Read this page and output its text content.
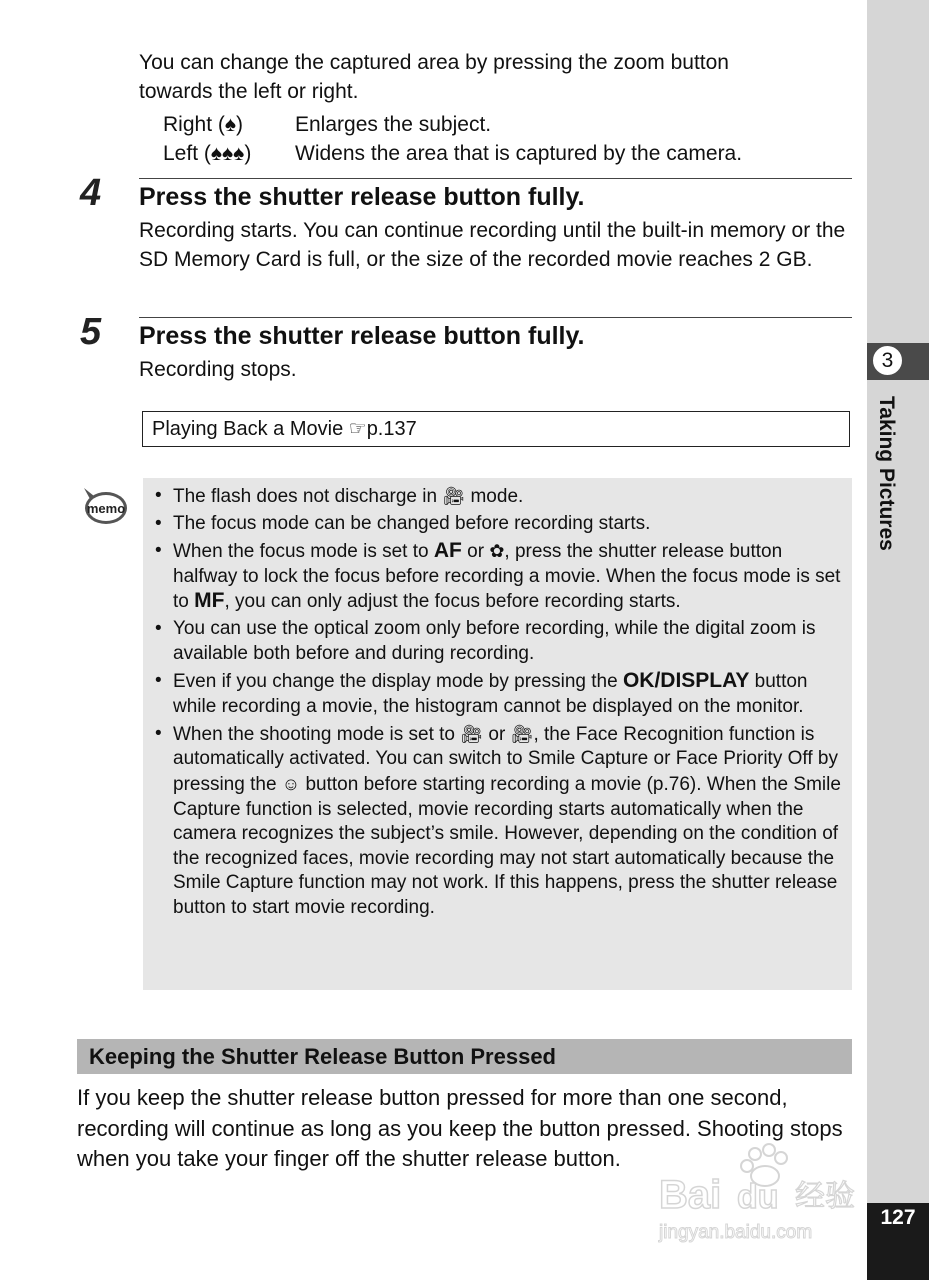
3
Taking Pictures
127
You can change the captured area by pressing the zoom button
towards the left or right.
Right (♠)	Enlarges the subject.
Left (♠♠♠)	Widens the area that is captured by the camera.
4 Press the shutter release button fully.
Recording starts. You can continue recording until the built-in memory or the SD Memory Card is full, or the size of the recorded movie reaches 2 GB.
5 Press the shutter release button fully.
Recording stops.
Playing Back a Movie ☞p.137
memo
• The flash does not discharge in 🎥︎ mode.
• The focus mode can be changed before recording starts.
• When the focus mode is set to AF or ✿, press the shutter release button halfway to lock the focus before recording a movie. When the focus mode is set to MF, you can only adjust the focus before recording starts.
• You can use the optical zoom only before recording, while the digital zoom is available both before and during recording.
• Even if you change the display mode by pressing the OK/DISPLAY button while recording a movie, the histogram cannot be displayed on the monitor.
• When the shooting mode is set to 🎥︎ or 🎥︎, the Face Recognition function is automatically activated. You can switch to Smile Capture or Face Priority Off by pressing the ☺ button before starting recording a movie (p.76). When the Smile Capture function is selected, movie recording starts automatically when the camera recognizes the subject’s smile. However, depending on the condition of the recognized faces, movie recording may not start automatically because the Smile Capture function may not work. If this happens, press the shutter release button to start movie recording.
Keeping the Shutter Release Button Pressed
If you keep the shutter release button pressed for more than one second, recording will continue as long as you keep the button pressed. Shooting stops when you take your finger off the shutter release button.
Bai du 经验
jingyan.baidu.com
